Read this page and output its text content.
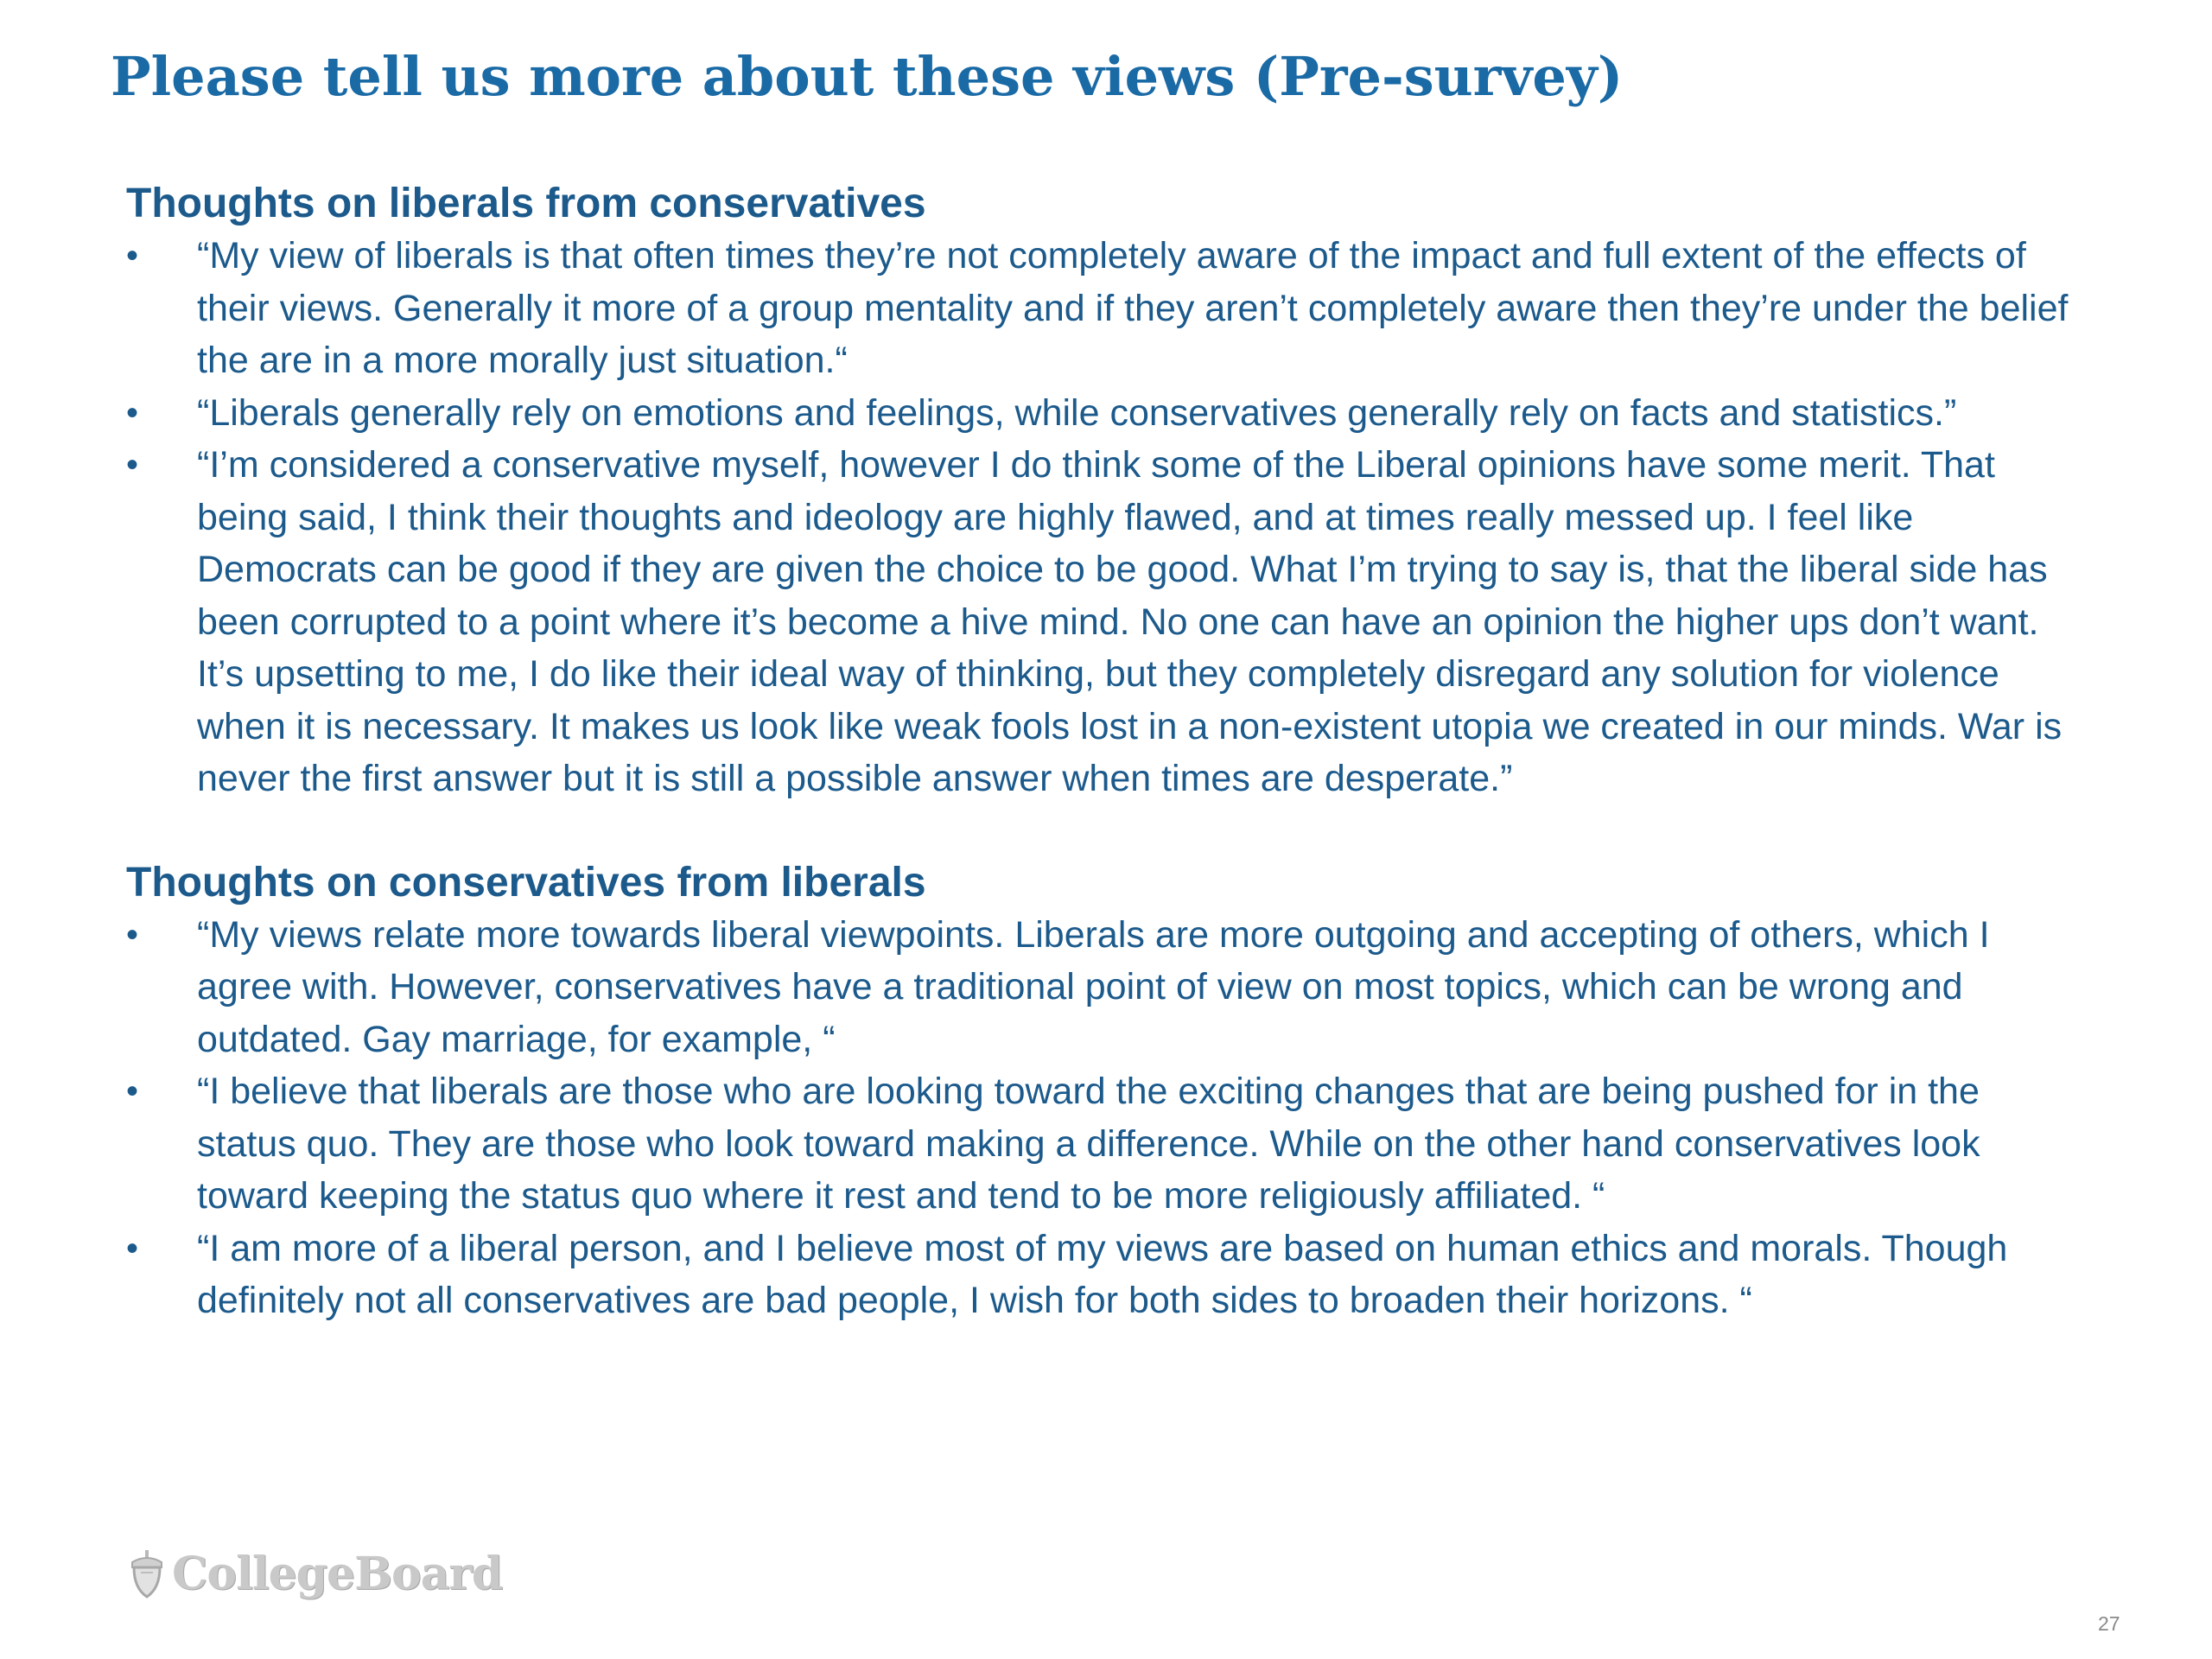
Please tell us more about these views (Pre-survey)
Thoughts on liberals from conservatives
• “My view of liberals is that often times they’re not completely aware of the impact and full extent of the effects of their views. Generally it more of a group mentality and if they aren’t completely aware then they’re under the belief the are in a more morally just situation.“
• “Liberals generally rely on emotions and feelings, while conservatives generally rely on facts and statistics.”
• “I’m considered a conservative myself, however I do think some of the Liberal opinions have some merit. That being said, I think their thoughts and ideology are highly flawed, and at times really messed up. I feel like Democrats can be good if they are given the choice to be good. What I’m trying to say is, that the liberal side has been corrupted to a point where it’s become a hive mind. No one can have an opinion the higher ups don’t want. It’s upsetting to me, I do like their ideal way of thinking, but they completely disregard any solution for violence when it is necessary. It makes us look like weak fools lost in a non-existent utopia we created in our minds. War is never the first answer but it is still a possible answer when times are desperate.”
Thoughts on conservatives from liberals
• “My views relate more towards liberal viewpoints. Liberals are more outgoing and accepting of others, which I agree with. However, conservatives have a traditional point of view on most topics, which can be wrong and outdated. Gay marriage, for example, “
• “I believe that liberals are those who are looking toward the exciting changes that are being pushed for in the status quo. They are those who look toward making a difference. While on the other hand conservatives look toward keeping the status quo where it rest and tend to be more religiously affiliated. “
• “I am more of a liberal person, and I believe most of my views are based on human ethics and morals. Though definitely not all conservatives are bad people, I wish for both sides to broaden their horizons. “
CollegeBoard
27
